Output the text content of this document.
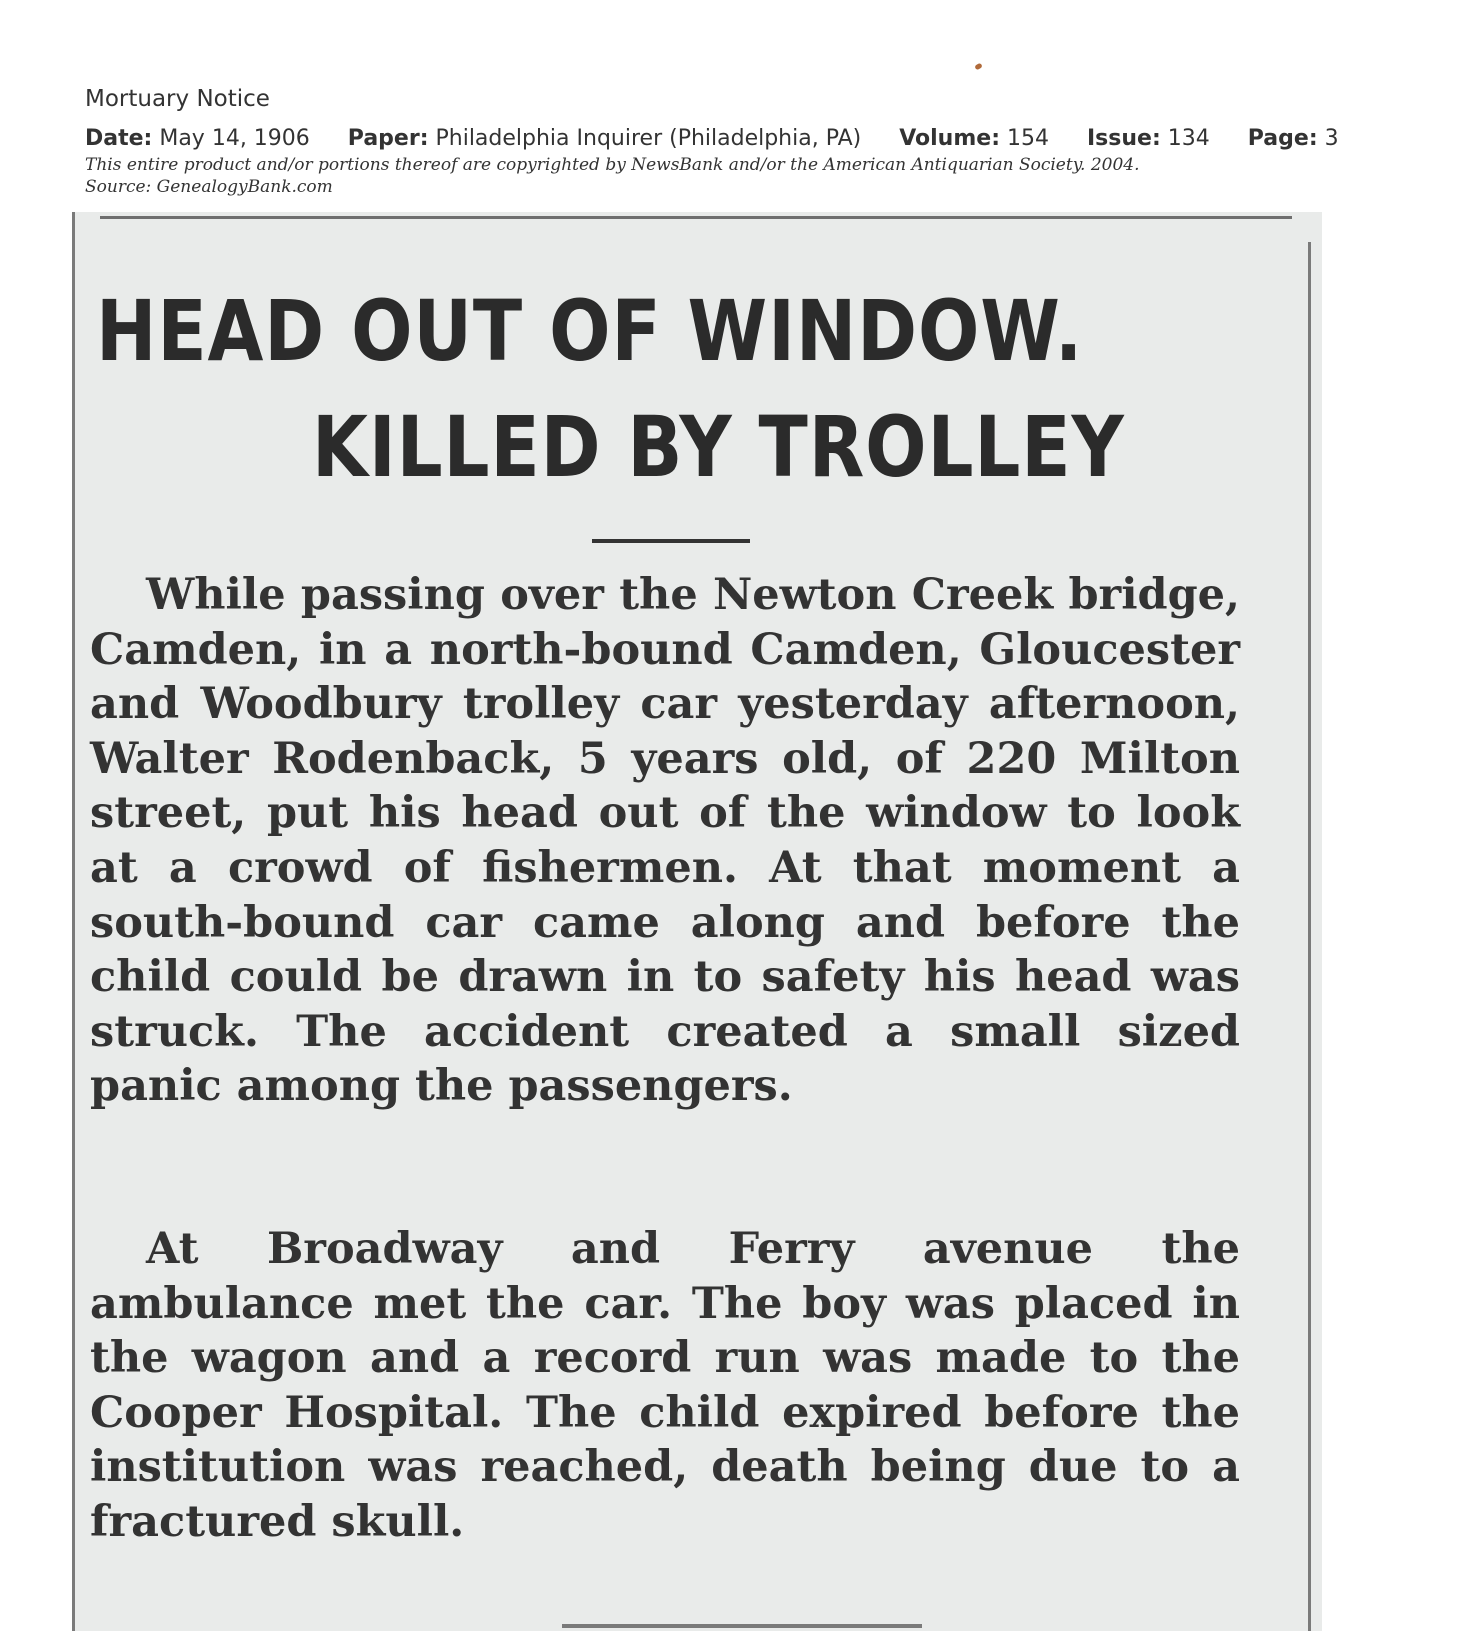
Mortuary Notice
Date: May 14, 1906 Paper: Philadelphia Inquirer (Philadelphia, PA) Volume: 154 Issue: 134 Page: 3
This entire product and/or portions thereof are copyrighted by NewsBank and/or the American Antiquarian Society. 2004.
Source: GenealogyBank.com
HEAD OUT OF WINDOW.
KILLED BY TROLLEY

While passing over the Newton Creek bridge, Camden, in a north-bound Camden, Gloucester and Woodbury trolley car yesterday afternoon, Walter Rodenback, 5 years old, of 220 Milton street, put his head out of the window to look at a crowd of fishermen. At that moment a south-bound car came along and before the child could be drawn in to safety his head was struck. The accident created a small sized panic among the passengers.

At Broadway and Ferry avenue the ambulance met the car. The boy was placed in the wagon and a record run was made to the Cooper Hospital. The child expired before the institution was reached, death being due to a fractured skull.
